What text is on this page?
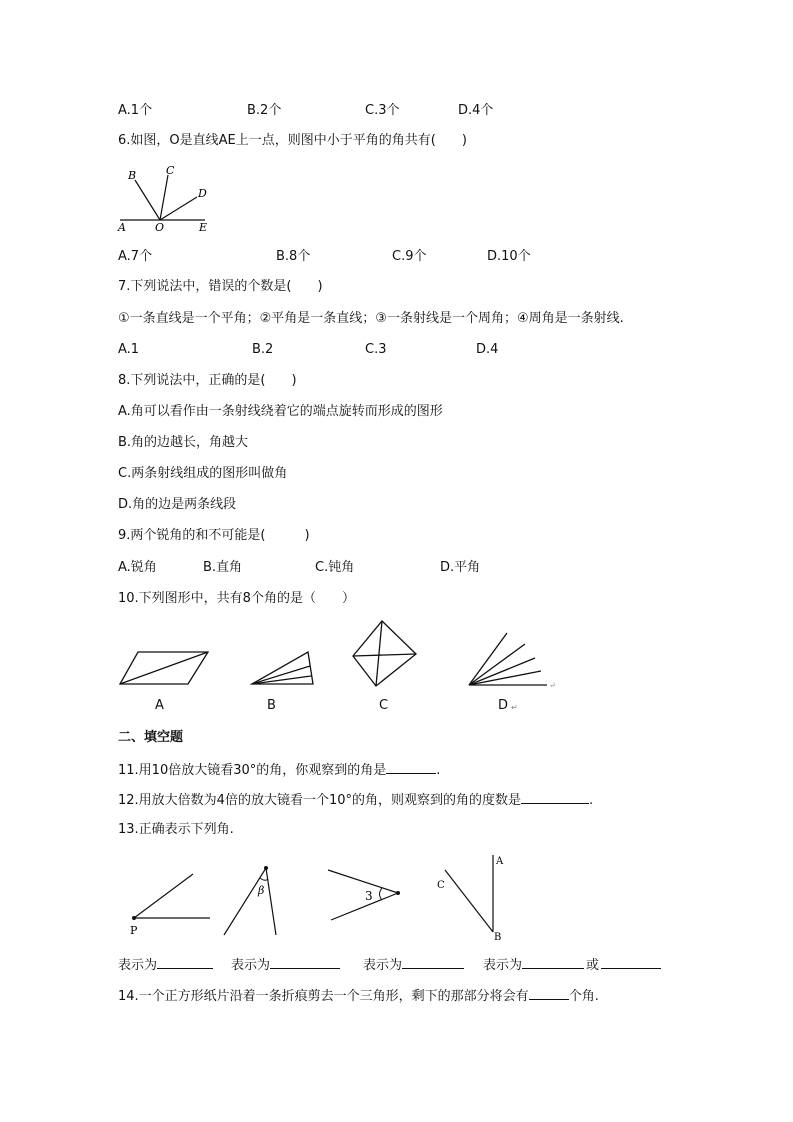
A.1个	B.2个	C.3个	D.4个
6.如图，O是直线AE上一点，则图中小于平角的角共有(　　)
B	C
D
A	O	E
A.7个	B.8个	C.9个	D.10个
7.下列说法中，错误的个数是(　　)
①一条直线是一个平角；②平角是一条直线；③一条射线是一个周角；④周角是一条射线.
A.1	B.2	C.3	D.4
8.下列说法中，正确的是(　　)
A.角可以看作由一条射线绕着它的端点旋转而形成的图形
B.角的边越长，角越大
C.两条射线组成的图形叫做角
D.角的边是两条线段
9.两个锐角的和不可能是(　　　)
A.锐角	B.直角	C.钝角	D.平角
10.下列图形中，共有8个角的是（　　）
A	B	C
↵
D ↵
二、填空题
11.用10倍放大镜看30°的角，你观察到的角是	.
12.用放大倍数为4倍的放大镜看一个10°的角，则观察到的角的度数是	.
13.正确表示下列角.
P
β	3
A
B
C
表示为	表示为	表示为	表示为	或
14.一个正方形纸片沿着一条折痕剪去一个三角形，剩下的那部分将会有	个角.
